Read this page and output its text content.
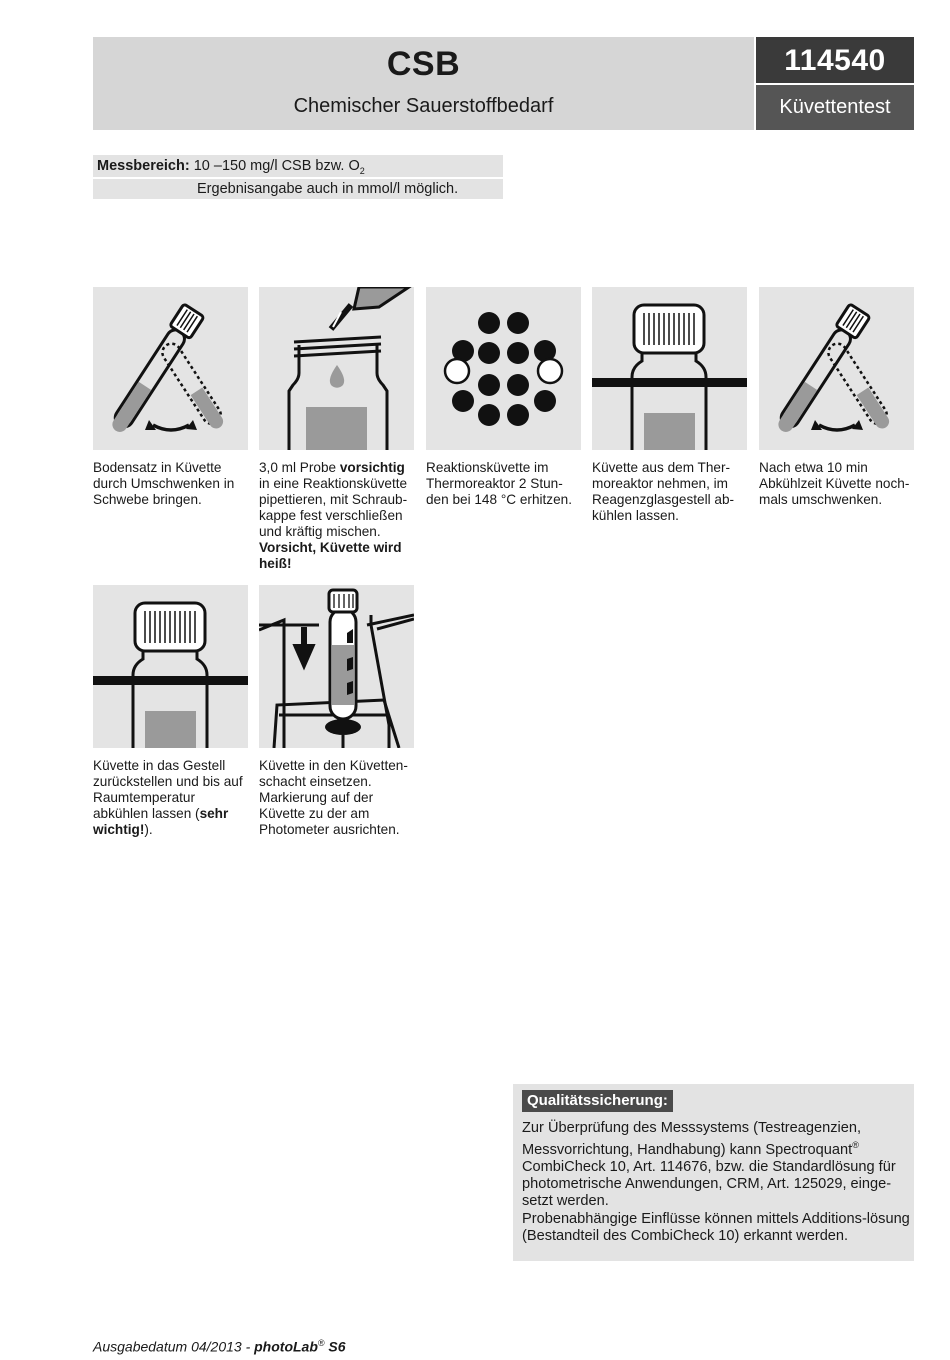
CSB
Chemischer Sauerstoffbedarf
114540
Küvettentest
Messbereich: 10 –150 mg/l CSB bzw. $O_2$
Ergebnisangabe auch in mmol/l möglich.
Bodensatz in Küvette
durch Umschwenken in
Schwebe bringen.
3,0 ml Probe vorsichtig in eine Reaktionsküvette pipettieren, mit Schraub-kappe fest verschließen und kräftig mischen. Vorsicht, Küvette wird heiß!
Reaktionsküvette im
Thermoreaktor 2 Stun-
den bei 148 °C erhitzen.
Küvette aus dem Ther-
moreaktor nehmen, im
Reagenzglasgestell ab-
kühlen lassen.
Nach etwa 10 min
Abkühlzeit Küvette noch-
mals umschwenken.
Küvette in das Gestell zurückstellen und bis auf Raumtemperatur abkühlen lassen (sehr wichtig!).
Küvette in den Küvetten-
schacht einsetzen.
Markierung auf der
Küvette zu der am
Photometer ausrichten.
Qualitätssicherung:
Zur Überprüfung des Messsystems (Testreagenzien, Messvorrichtung, Handhabung) kann Spectroquant® CombiCheck 10, Art. 114676, bzw. die Standardlösung für photometrische Anwendungen, CRM, Art. 125029, einge-setzt werden.
Probenabhängige Einflüsse können mittels Additions-lösung (Bestandteil des CombiCheck 10) erkannt werden.
Ausgabedatum 04/2013 - photoLab® S6
